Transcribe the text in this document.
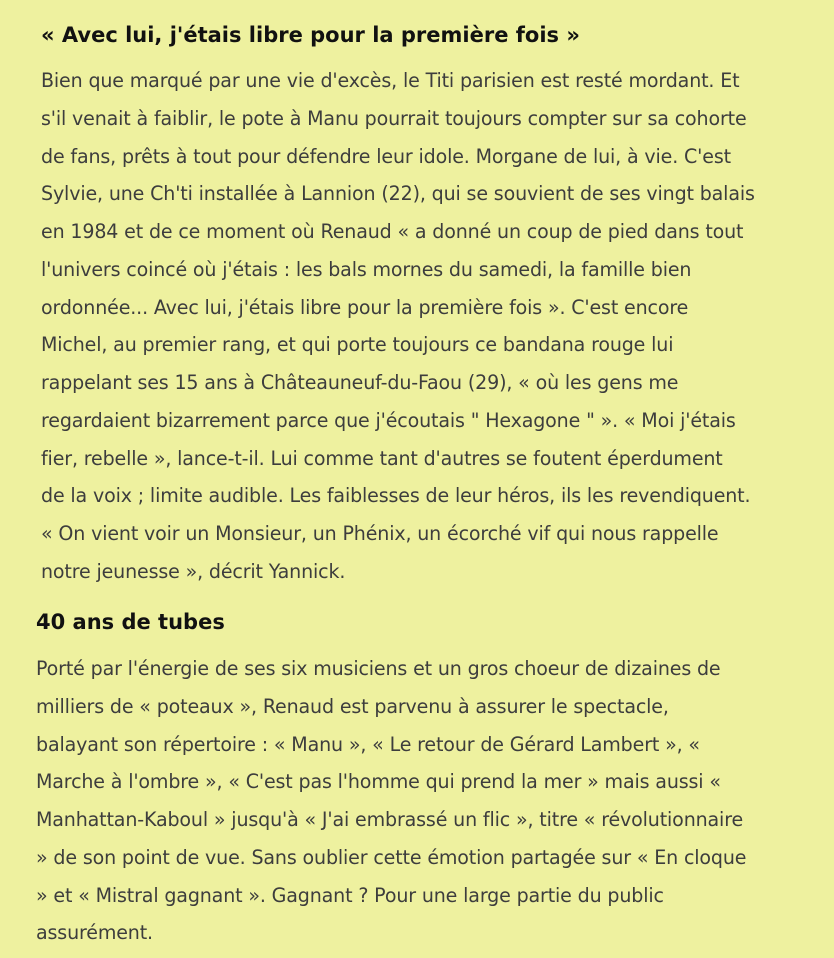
« Avec lui, j'étais libre pour la première fois »

Bien que marqué par une vie d'excès, le Titi parisien est resté mordant. Et s'il venait à faiblir, le pote à Manu pourrait toujours compter sur sa cohorte de fans, prêts à tout pour défendre leur idole. Morgane de lui, à vie. C'est Sylvie, une Ch'ti installée à Lannion (22), qui se souvient de ses vingt balais en 1984 et de ce moment où Renaud « a donné un coup de pied dans tout l'univers coincé où j'étais : les bals mornes du samedi, la famille bien ordonnée... Avec lui, j'étais libre pour la première fois ». C'est encore Michel, au premier rang, et qui porte toujours ce bandana rouge lui rappelant ses 15 ans à Châteauneuf-du-Faou (29), « où les gens me regardaient bizarrement parce que j'écoutais " Hexagone " ». « Moi j'étais fier, rebelle », lance-t-il. Lui comme tant d'autres se foutent éperdument de la voix ; limite audible. Les faiblesses de leur héros, ils les revendiquent. « On vient voir un Monsieur, un Phénix, un écorché vif qui nous rappelle notre jeunesse », décrit Yannick.

40 ans de tubes

Porté par l'énergie de ses six musiciens et un gros choeur de dizaines de milliers de « poteaux », Renaud est parvenu à assurer le spectacle, balayant son répertoire : « Manu », « Le retour de Gérard Lambert », « Marche à l'ombre », « C'est pas l'homme qui prend la mer » mais aussi « Manhattan-Kaboul » jusqu'à « J'ai embrassé un flic », titre « révolutionnaire » de son point de vue. Sans oublier cette émotion partagée sur « En cloque » et « Mistral gagnant ». Gagnant ? Pour une large partie du public assurément.
